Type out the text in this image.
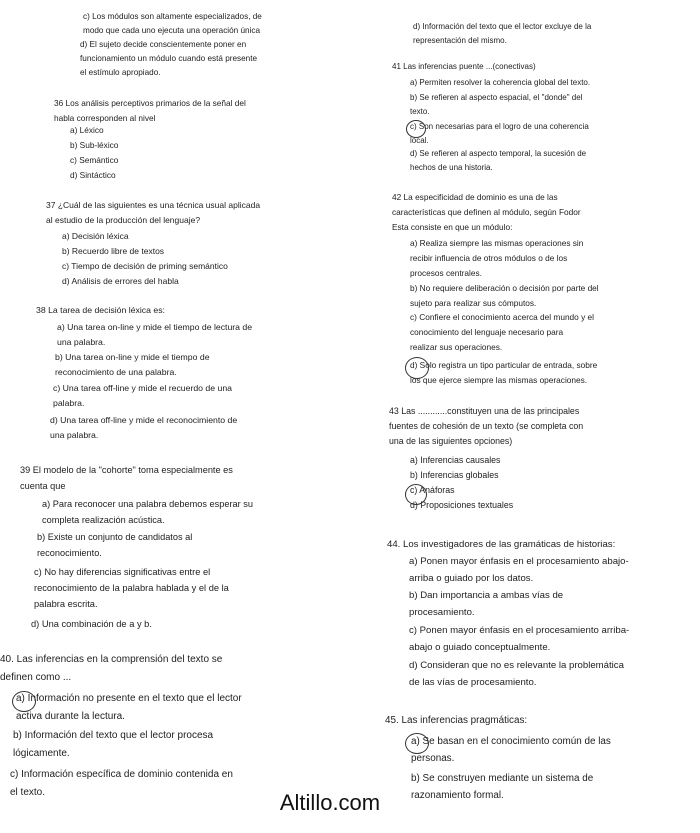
c) Los módulos son altamente especializados, de
modo que cada uno ejecuta una operación única
d) El sujeto decide conscientemente poner en
funcionamiento un módulo cuando está presente
el estímulo apropiado.
36 Los análisis perceptivos primarios de la señal del
habla corresponden al nivel
a) Léxico
b) Sub-léxico
c) Semántico
d) Sintáctico
37 ¿Cuál de las siguientes es una técnica usual aplicada
al estudio de la producción del lenguaje?
a) Decisión léxica
b) Recuerdo libre de textos
c) Tiempo de decisión de priming semántico
d) Análisis de errores del habla
38 La tarea de decisión léxica es:
a) Una tarea on-line y mide el tiempo de lectura de
una palabra.
b) Una tarea on-line y mide el tiempo de
reconocimiento de una palabra.
c) Una tarea off-line y mide el recuerdo de una
palabra.
d) Una tarea off-line y mide el reconocimiento de
una palabra.
39 El modelo de la "cohorte" toma especialmente es
cuenta que
a) Para reconocer una palabra debemos esperar su
completa realización acústica.
b) Existe un conjunto de candidatos al
reconocimiento.
c) No hay diferencias significativas entre el
reconocimiento de la palabra hablada y el de la
palabra escrita.
d) Una combinación de a y b.
40. Las inferencias en la comprensión del texto se
definen como ...
a) Información no presente en el texto que el lector
activa durante la lectura.
b) Información del texto que el lector procesa
lógicamente.
c) Información específica de dominio contenida en
el texto.
d) Información del texto que el lector excluye de la
representación del mismo.
41 Las inferencias puente ...(conectivas)
a) Permiten resolver la coherencia global del texto.
b) Se refieren al aspecto espacial, el "donde" del
texto.
c) Son necesarias para el logro de una coherencia
local.
d) Se refieren al aspecto temporal, la sucesión de
hechos de una historia.
42 La especificidad de dominio es una de las
características que definen al módulo, según Fodor
Esta consiste en que un módulo:
a) Realiza siempre las mismas operaciones sin
recibir influencia de otros módulos o de los
procesos centrales.
b) No requiere deliberación o decisión por parte del
sujeto para realizar sus cómputos.
c) Confiere el conocimiento acerca del mundo y el
conocimiento del lenguaje necesario para
realizar sus operaciones.
d) Solo registra un tipo particular de entrada, sobre
los que ejerce siempre las mismas operaciones.
43 Las ............constituyen una de las principales
fuentes de cohesión de un texto (se completa con
una de las siguientes opciones)
a) Inferencias causales
b) Inferencias globales
c) Anáforas
d) Proposiciones textuales
44. Los investigadores de las gramáticas de historias:
a) Ponen mayor énfasis en el procesamiento abajo-
arriba o guiado por los datos.
b) Dan importancia a ambas vías de
procesamiento.
c) Ponen mayor énfasis en el procesamiento arriba-
abajo o guiado conceptualmente.
d) Consideran que no es relevante la problemática
de las vías de procesamiento.
45. Las inferencias pragmáticas:
a) Se basan en el conocimiento común de las
personas.
b) Se construyen mediante un sistema de
razonamiento formal.
Altillo.com
